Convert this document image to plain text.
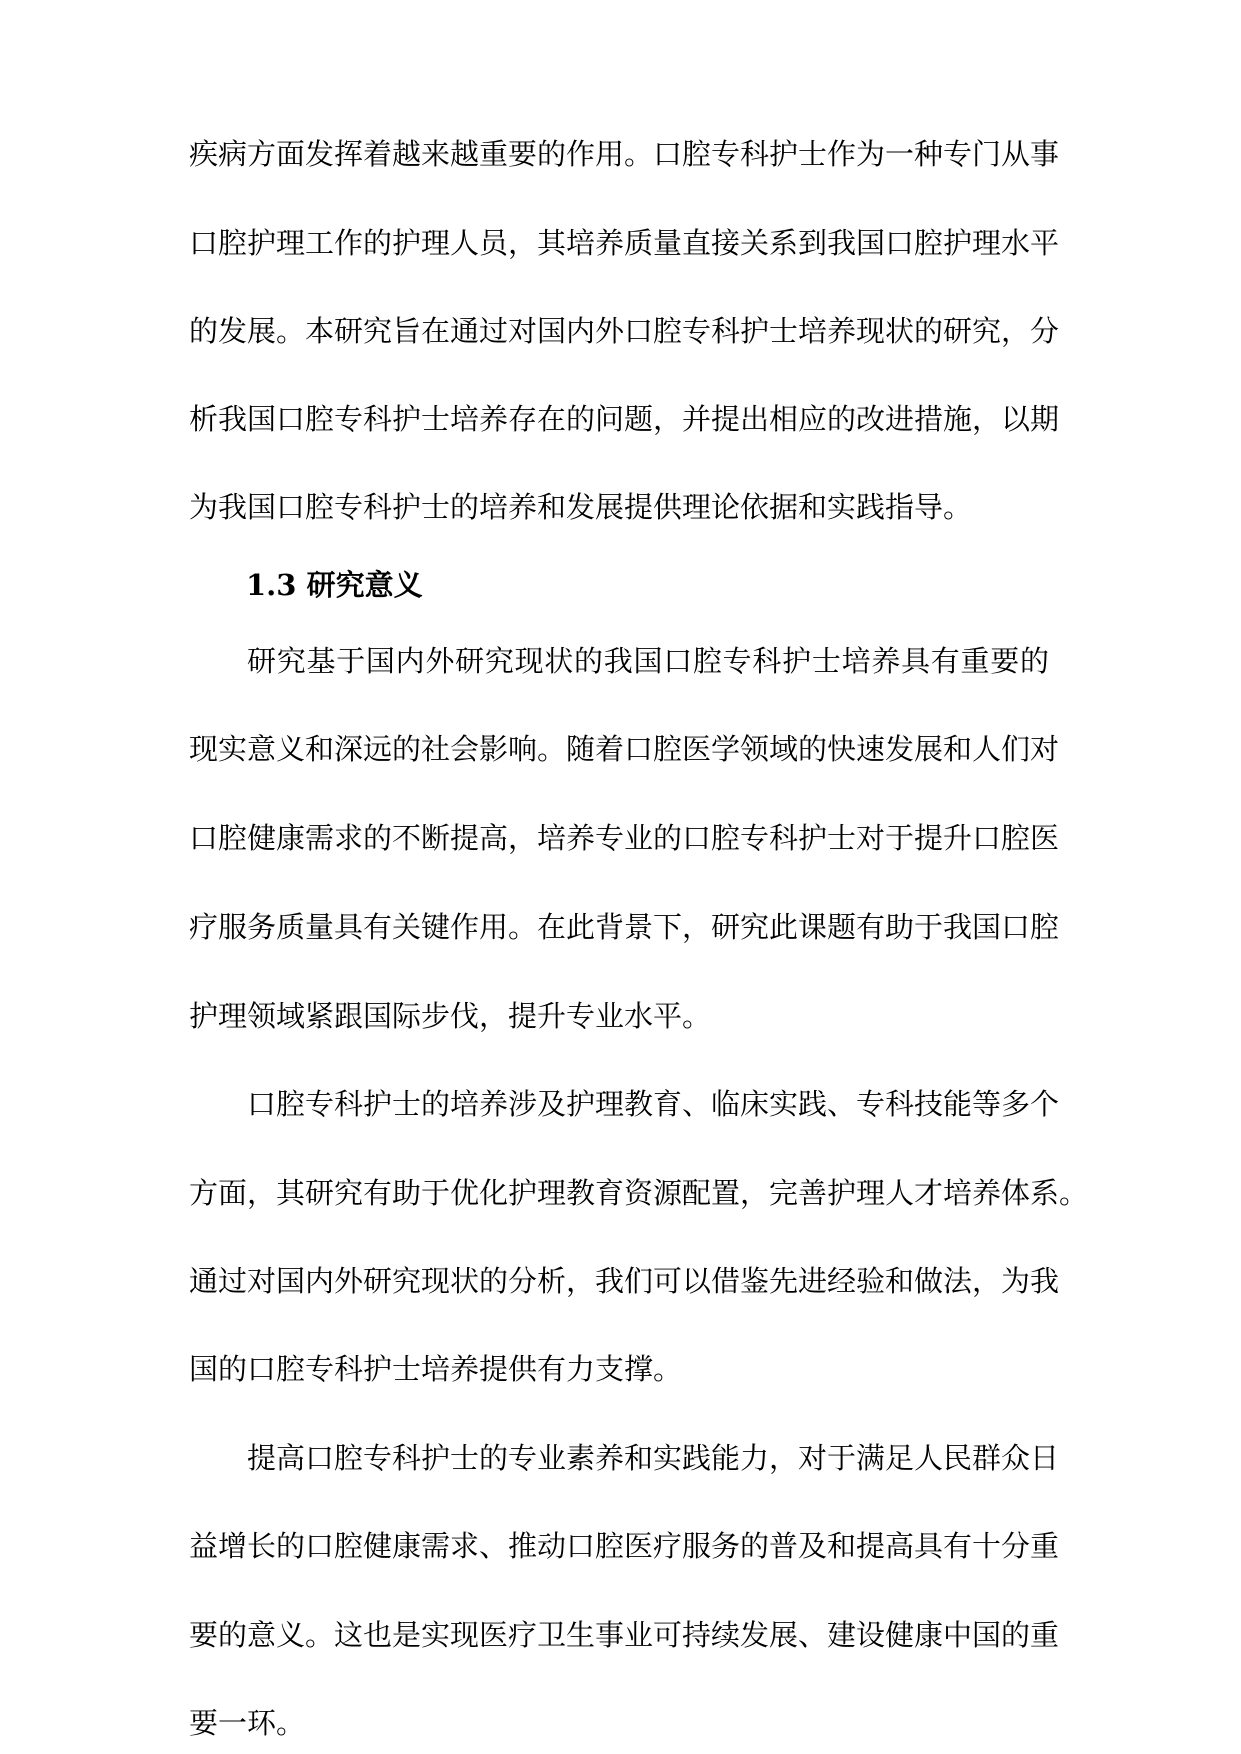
疾病方面发挥着越来越重要的作用。口腔专科护士作为一种专门从事
口腔护理工作的护理人员，其培养质量直接关系到我国口腔护理水平
的发展。本研究旨在通过对国内外口腔专科护士培养现状的研究，分
析我国口腔专科护士培养存在的问题，并提出相应的改进措施，以期
为我国口腔专科护士的培养和发展提供理论依据和实践指导。
1.3 研究意义
研究基于国内外研究现状的我国口腔专科护士培养具有重要的
现实意义和深远的社会影响。随着口腔医学领域的快速发展和人们对
口腔健康需求的不断提高，培养专业的口腔专科护士对于提升口腔医
疗服务质量具有关键作用。在此背景下，研究此课题有助于我国口腔
护理领域紧跟国际步伐，提升专业水平。
口腔专科护士的培养涉及护理教育、临床实践、专科技能等多个
方面，其研究有助于优化护理教育资源配置，完善护理人才培养体系。
通过对国内外研究现状的分析，我们可以借鉴先进经验和做法，为我
国的口腔专科护士培养提供有力支撑。
提高口腔专科护士的专业素养和实践能力，对于满足人民群众日
益增长的口腔健康需求、推动口腔医疗服务的普及和提高具有十分重
要的意义。这也是实现医疗卫生事业可持续发展、建设健康中国的重
要一环。
